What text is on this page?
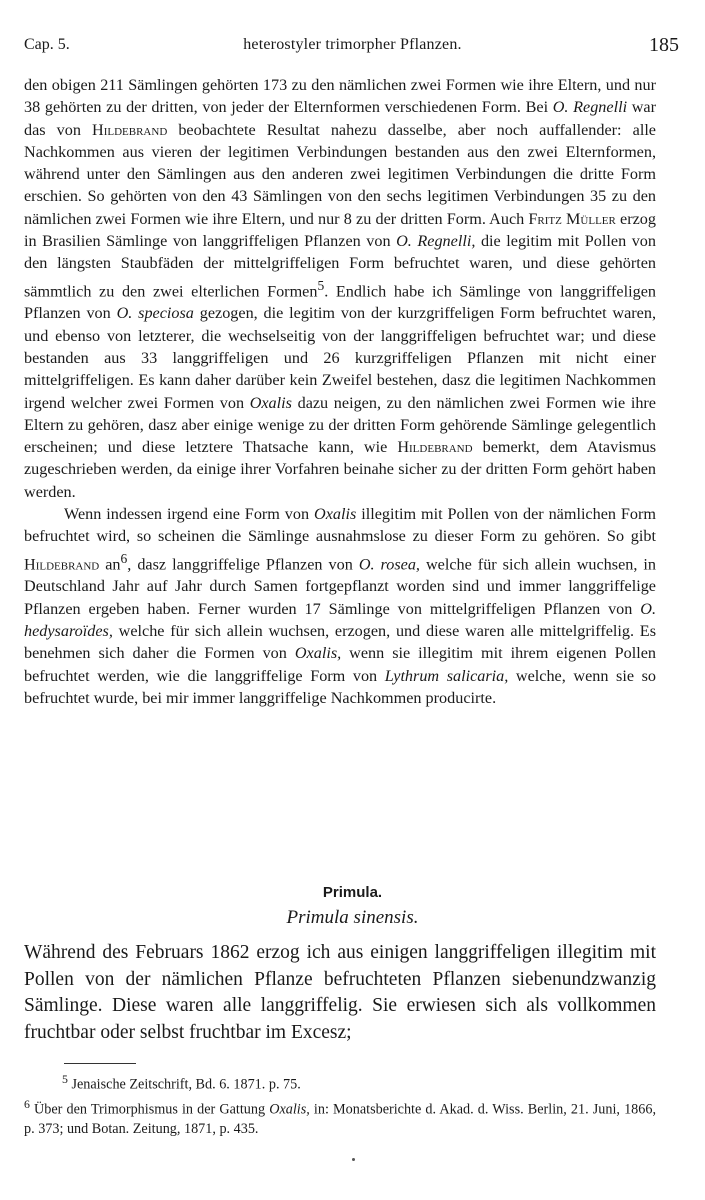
Cap. 5.	heterostyler trimorpher Pflanzen.	185

den obigen 211 Sämlingen gehörten 173 zu den nämlichen zwei Formen wie ihre Eltern, und nur 38 gehörten zu der dritten, von jeder der Elternformen verschiedenen Form. Bei O. Regnelli war das von Hildebrand beobachtete Resultat nahezu dasselbe, aber noch auffallender: alle Nachkommen aus vieren der legitimen Verbindungen bestanden aus den zwei Elternformen, während unter den Sämlingen aus den anderen zwei legitimen Verbindungen die dritte Form erschien. So gehörten von den 43 Sämlingen von den sechs legitimen Verbindungen 35 zu den nämlichen zwei Formen wie ihre Eltern, und nur 8 zu der dritten Form. Auch Fritz Müller erzog in Brasilien Sämlinge von langgriffeligen Pflanzen von O. Regnelli, die legitim mit Pollen von den längsten Staubfäden der mittelgriffeligen Form befruchtet waren, und diese gehörten sämmtlich zu den zwei elterlichen Formen$^5$. Endlich habe ich Sämlinge von langgriffeligen Pflanzen von O. speciosa gezogen, die legitim von der kurzgriffeligen Form befruchtet waren, und ebenso von letzterer, die wechselseitig von der langgriffeligen befruchtet war; und diese bestanden aus 33 langgriffeligen und 26 kurzgriffeligen Pflanzen mit nicht einer mittelgriffeligen. Es kann daher darüber kein Zweifel bestehen, dasz die legitimen Nachkommen irgend welcher zwei Formen von Oxalis dazu neigen, zu den nämlichen zwei Formen wie ihre Eltern zu gehören, dasz aber einige wenige zu der dritten Form gehörende Sämlinge gelegentlich erscheinen; und diese letztere Thatsache kann, wie Hildebrand bemerkt, dem Atavismus zugeschrieben werden, da einige ihrer Vorfahren beinahe sicher zu der dritten Form gehört haben werden.

Wenn indessen irgend eine Form von Oxalis illegitim mit Pollen von der nämlichen Form befruchtet wird, so scheinen die Sämlinge ausnahmslose zu dieser Form zu gehören. So gibt Hildebrand $an^6$, dasz langgriffelige Pflanzen von O. rosea, welche für sich allein wuchsen, in Deutschland Jahr auf Jahr durch Samen fortgepflanzt worden sind und immer langgriffelige Pflanzen ergeben haben. Ferner wurden 17 Sämlinge von mittelgriffeligen Pflanzen von O. hedysaroïdes, welche für sich allein wuchsen, erzogen, und diese waren alle mittelgriffelig. Es benehmen sich daher die Formen von Oxalis, wenn sie illegitim mit ihrem eigenen Pollen befruchtet werden, wie die langgriffelige Form von Lythrum salicaria, welche, wenn sie so befruchtet wurde, bei mir immer langgriffelige Nachkommen producirte.

Primula.
Primula sinensis.

Während des Februars 1862 erzog ich aus einigen langgriffeligen illegitim mit Pollen von der nämlichen Pflanze befruchteten Pflanzen siebenundzwanzig Sämlinge. Diese waren alle langgriffelig. Sie erwiesen sich als vollkommen fruchtbar oder selbst fruchtbar im Excesz;

$^5$ Jenaische Zeitschrift, Bd. 6. 1871. p. 75.

$^6$ Über den Trimorphismus in der Gattung Oxalis, in: Monatsberichte d. Akad. d. Wiss. Berlin, 21. Juni, 1866, p. 373; und Botan. Zeitung, 1871, p. 435.
